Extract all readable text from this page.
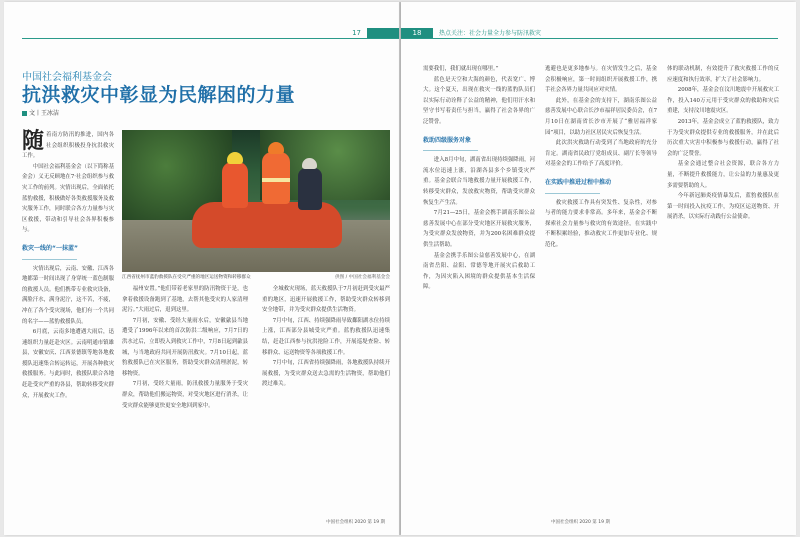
17
中国社会福利基金会
抗洪救灾中彰显为民解困的力量
文丨王冰洁

随着南方防汛的推进，国内各社会组织积极投身抗洪救灾工作。

中国社会福利基金会（以下简称基金会）义无反顾地在7·社会组织参与救灾工作的前列。灾情出现后，全面依托蓝豹救援，积极做好各类救援服务及救灾服务工作，同时联合各方力量参与灾区救援，带动和引导社会各界积极参与。

救灾一线的“一抹蓝”

灾情出现后，云南、安徽、江西各地都第一时间出现了身穿统一蓝色制服的救援人员。他们携带专业救灾设备，满脸汗水，满身泥泞，这不苦，不疲，冲在了各个受灾现场，他们有一个共同的名字——蓝豹救援队员。

6月底，云南多地遭遇大雨后，迅速组织力量赶赴灾区。云南明通市镇雄县，安徽安庆、江西景德镇等地各地救援队迅速集合转运转运，开展各种救灾救援服务。与此同时，救援队联合各地赶赴受灾严重的各县，帮助转移受灾群众，开展救灾工作。

江西省抚州市蓝豹救援队在受灾严重的地区运送物资和转移群众	供图 / 中国社会福利基金会

福州安置。”他们带着老家里的防汛物资于是，也拿着救援设备跑到了基地，去帮其他受灾的人家清理泥污。”大雨过后，退到这里。

7月初，安徽、受经大量雨水后，安徽歙县当地遭受了1996年以来的首次防洪二级响应，7月7日的洪水过后，立即投入到救灾工作中，7月8日起到歙县城，与当地政府共同开展防汛救灾。7月10日起，蓝豹救援队已在灾区服务，帮助受灾群众清理淤泥，转移物资。

7月初，受经大量雨，防汛救援力量服务于受灾群众，帮助他们搬运物资，对受灾地区进行消杀，让受灾群众能够更快更安全地回到家中。

全城救灾现场，蓝天救援队于7月初赶到受灾最严重的地区，迅速开展救援工作，帮助受灾群众转移到安全地带，并为受灾群众提供生活物资。

7月中旬，江西、持续强降雨导致鄱阳湖水位持续上涨，江西部分县城受灾严重。蓝豹救援队迅速集结，赶赴江西参与抗洪抢险工作，开展巡堤查险、转移群众、运送物资等各项救援工作。

7月中旬，江西省持续强降雨，各地救援队持续开展救援，为受灾群众送去急需的生活物资，帮助他们渡过难关。

中国社会组织 2020 第 19 期
18	热点关注：社会力量全力参与防汛救灾

需要我们，我们就出现在哪里。”

蓝色是天空和大海的颜色，代表宽广、博大。这个夏天，出现在救灾一线的蓝豹队员们以实际行动诠释了公益的精神，他们用汗水和坚守书写着责任与担当，赢得了社会各界的广泛赞誉。

救助四级服务对象

进入8月中旬，湖南省出现持续强降雨，河流水位迅速上涨，沿湖各县多个乡镇受灾严重。基金会联合当地救援力量开展救援工作，转移受灾群众，发放救灾物资，帮助受灾群众恢复生产生活。

7月21—25日，基金会携手湖南乐图公益慈善发展中心在部分受灾地区开展救灾服务，为受灾群众发放物资，并为200名困难群众提供生活帮助。

基金会携手乐图公益慈善发展中心，在湖南省岳阳、益阳、常德等地开展灾后救助工作，为因灾陷入困境的群众提供基本生活保障。

逃避也是更多地参与。在灾情发生之后，基金会积极响应，第一时间组织开展救援工作，携手社会各界力量共同应对灾情。

此外，在基金会的支持下，湖南乐图公益慈善发展中心联合长沙市福祥居民委员会，在7月10日在湖南省长沙市开展了“雅居福祥家园”项目，以助力社区居民灾后恢复生活。

此次洪灾救助行动受到了当地政府的充分肯定。湖南省民政厅党组成员、副厅长等领导对基金会的工作给予了高度评价。

在实践中推进过程中推动

救灾救援工作具有突发性、复杂性，对参与者的能力要求非常高。多年来，基金会不断探索社会力量参与救灾的有效途径，在实践中不断积累经验，推动救灾工作更加专业化、规范化。

体的联动机制，有效提升了救灾救援工作的反应速度和执行效率，扩大了社会影响力。

2008年，基金会在汶川地震中开展救灾工作，投入140万元用于受灾群众的救助和灾后重建，支持汶川地震灾区。

2013年，基金会成立了蓝豹救援队，致力于为受灾群众提供专业的救援服务，并在此后历次重大灾害中积极参与救援行动，赢得了社会的广泛赞誉。

基金会通过整合社会资源，联合各方力量，不断提升救援能力，让公益的力量惠及更多需要帮助的人。

今年新冠肺炎疫情暴发后，蓝豹救援队在第一时间投入抗疫工作，为疫区运送物资、开展消杀，以实际行动践行公益使命。

中国社会组织 2020 第 19 期
